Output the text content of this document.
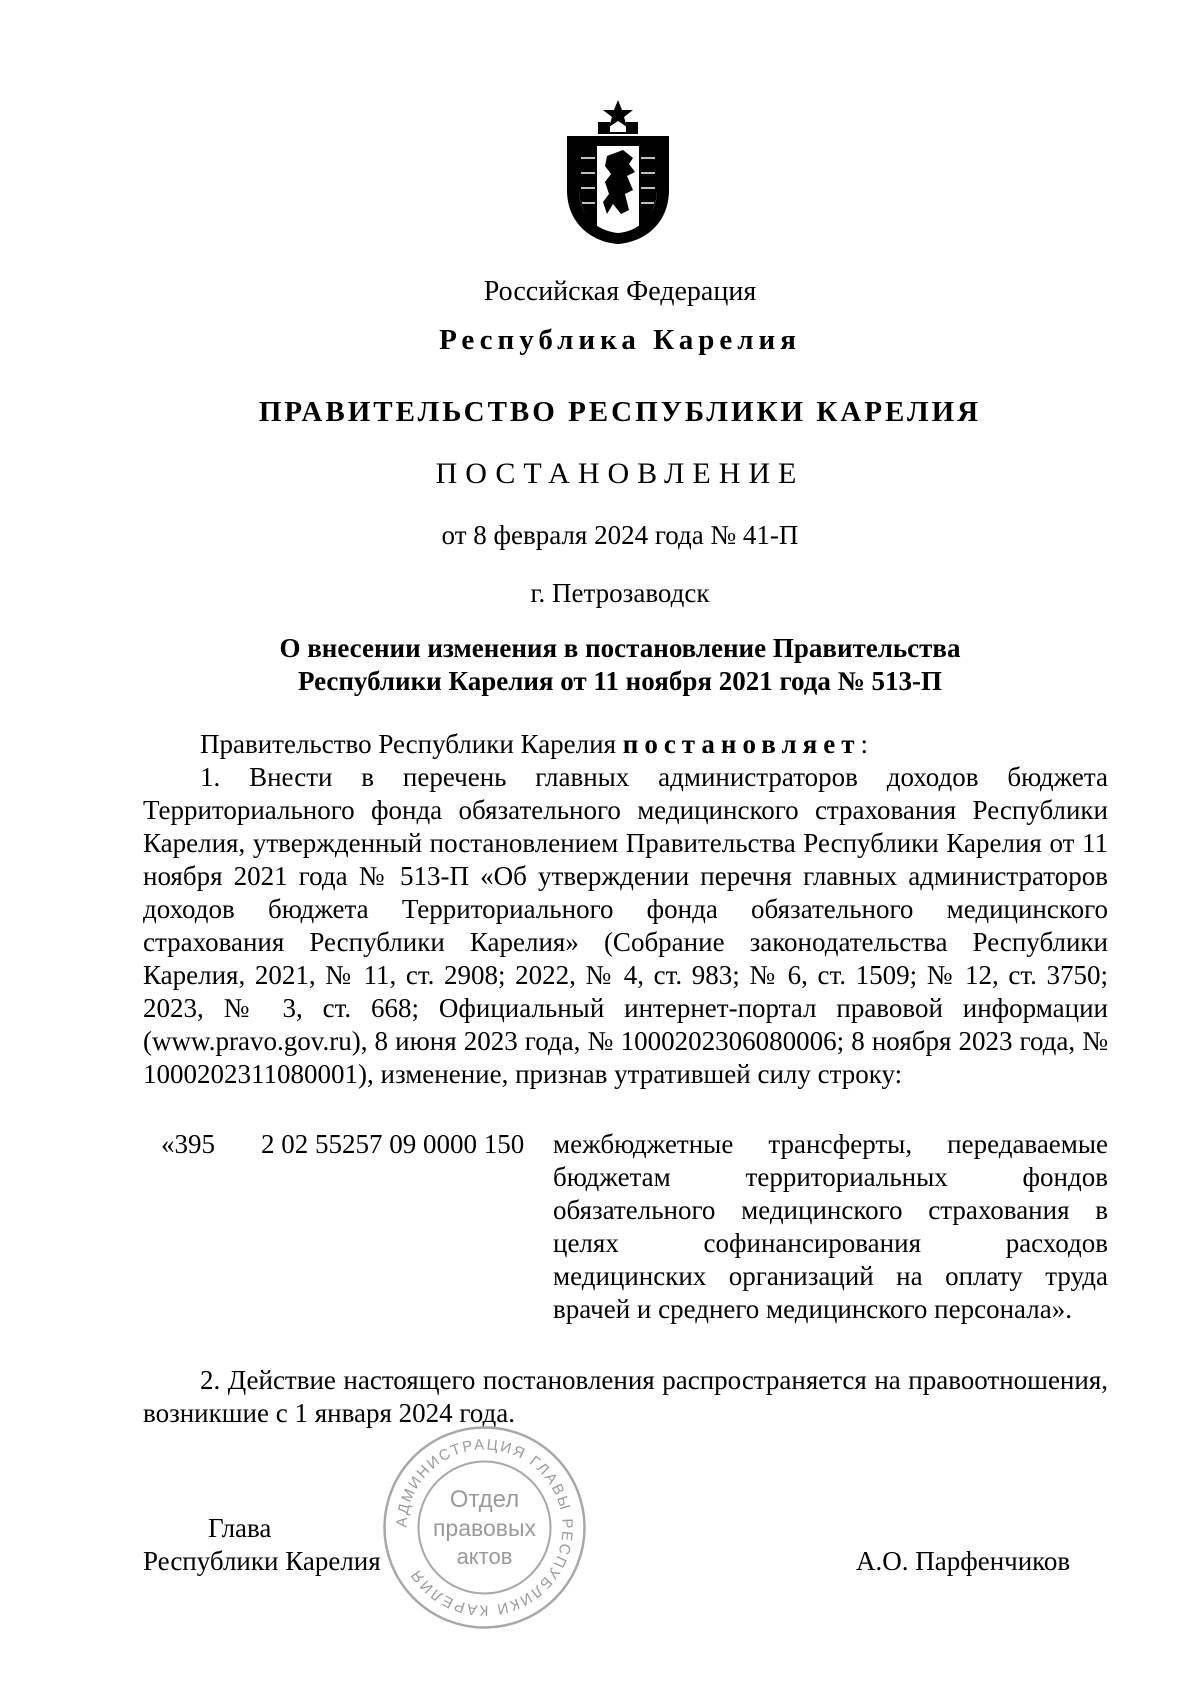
Российская Федерация
Республика Карелия
ПРАВИТЕЛЬСТВО РЕСПУБЛИКИ КАРЕЛИЯ
ПОСТАНОВЛЕНИЕ
от 8 февраля 2024 года № 41-П
г. Петрозаводск
О внесении изменения в постановление Правительства
Республики Карелия от 11 ноября 2021 года № 513-П

Правительство Республики Карелия постановляет:

1. Внести в перечень главных администраторов доходов бюджета Территориального фонда обязательного медицинского страхования Республики Карелия, утвержденный постановлением Правительства Республики Карелия от 11 ноября 2021 года № 513-П «Об утверждении перечня главных администраторов доходов бюджета Территориального фонда обязательного медицинского страхования Республики Карелия» (Собрание законодательства Республики Карелия, 2021, № 11, ст. 2908; 2022, № 4, ст. 983; № 6, ст. 1509; № 12, ст. 3750; 2023, № 3, ст. 668; Официальный интернет-портал правовой информации (www.pravo.gov.ru), 8 июня 2023 года, № 1000202306080006; 8 ноября 2023 года, № 1000202311080001), изменение, признав утратившей силу строку:

«395 2 02 55257 09 0000 150 межбюджетные трансферты, передаваемые бюджетам территориальных фондов обязательного медицинского страхования в целях софинансирования расходов медицинских организаций на оплату труда врачей и среднего медицинского персонала».

2. Действие настоящего постановления распространяется на правоотношения, возникшие с 1 января 2024 года.

Глава
Республики Карелия	А.О. Парфенчиков
АДМИНИСТРАЦИЯ ГЛАВЫ РЕСПУБЛИКИ КАРЕЛИЯ
Отдел
правовых
актов
